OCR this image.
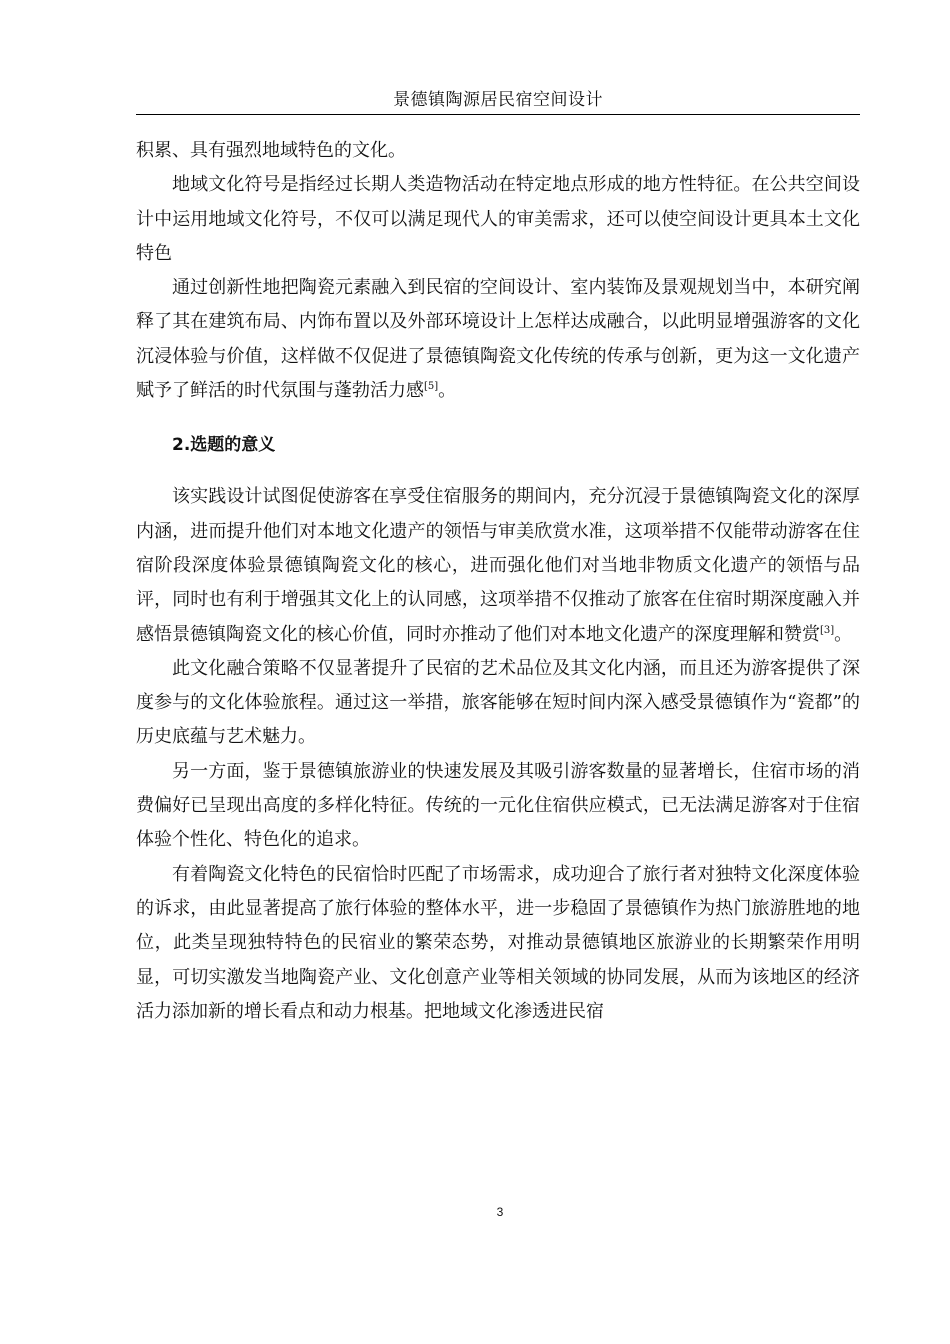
景德镇陶源居民宿空间设计

积累、具有强烈地域特色的文化。

地域文化符号是指经过长期人类造物活动在特定地点形成的地方性特征。在公共空间设计中运用地域文化符号，不仅可以满足现代人的审美需求，还可以使空间设计更具本土文化特色

通过创新性地把陶瓷元素融入到民宿的空间设计、室内装饰及景观规划当中，本研究阐释了其在建筑布局、内饰布置以及外部环境设计上怎样达成融合，以此明显增强游客的文化沉浸体验与价值，这样做不仅促进了景德镇陶瓷文化传统的传承与创新，更为这一文化遗产赋予了鲜活的时代氛围与蓬勃活力感[5]。

2.选题的意义

该实践设计试图促使游客在享受住宿服务的期间内，充分沉浸于景德镇陶瓷文化的深厚内涵，进而提升他们对本地文化遗产的领悟与审美欣赏水准，这项举措不仅能带动游客在住宿阶段深度体验景德镇陶瓷文化的核心，进而强化他们对当地非物质文化遗产的领悟与品评，同时也有利于增强其文化上的认同感，这项举措不仅推动了旅客在住宿时期深度融入并感悟景德镇陶瓷文化的核心价值，同时亦推动了他们对本地文化遗产的深度理解和赞赏[3]。

此文化融合策略不仅显著提升了民宿的艺术品位及其文化内涵，而且还为游客提供了深度参与的文化体验旅程。通过这一举措，旅客能够在短时间内深入感受景德镇作为“瓷都”的历史底蕴与艺术魅力。

另一方面，鉴于景德镇旅游业的快速发展及其吸引游客数量的显著增长，住宿市场的消费偏好已呈现出高度的多样化特征。传统的一元化住宿供应模式，已无法满足游客对于住宿体验个性化、特色化的追求。

有着陶瓷文化特色的民宿恰时匹配了市场需求，成功迎合了旅行者对独特文化深度体验的诉求，由此显著提高了旅行体验的整体水平，进一步稳固了景德镇作为热门旅游胜地的地位，此类呈现独特特色的民宿业的繁荣态势，对推动景德镇地区旅游业的长期繁荣作用明显，可切实激发当地陶瓷产业、文化创意产业等相关领域的协同发展，从而为该地区的经济活力添加新的增长看点和动力根基。把地域文化渗透进民宿

3
